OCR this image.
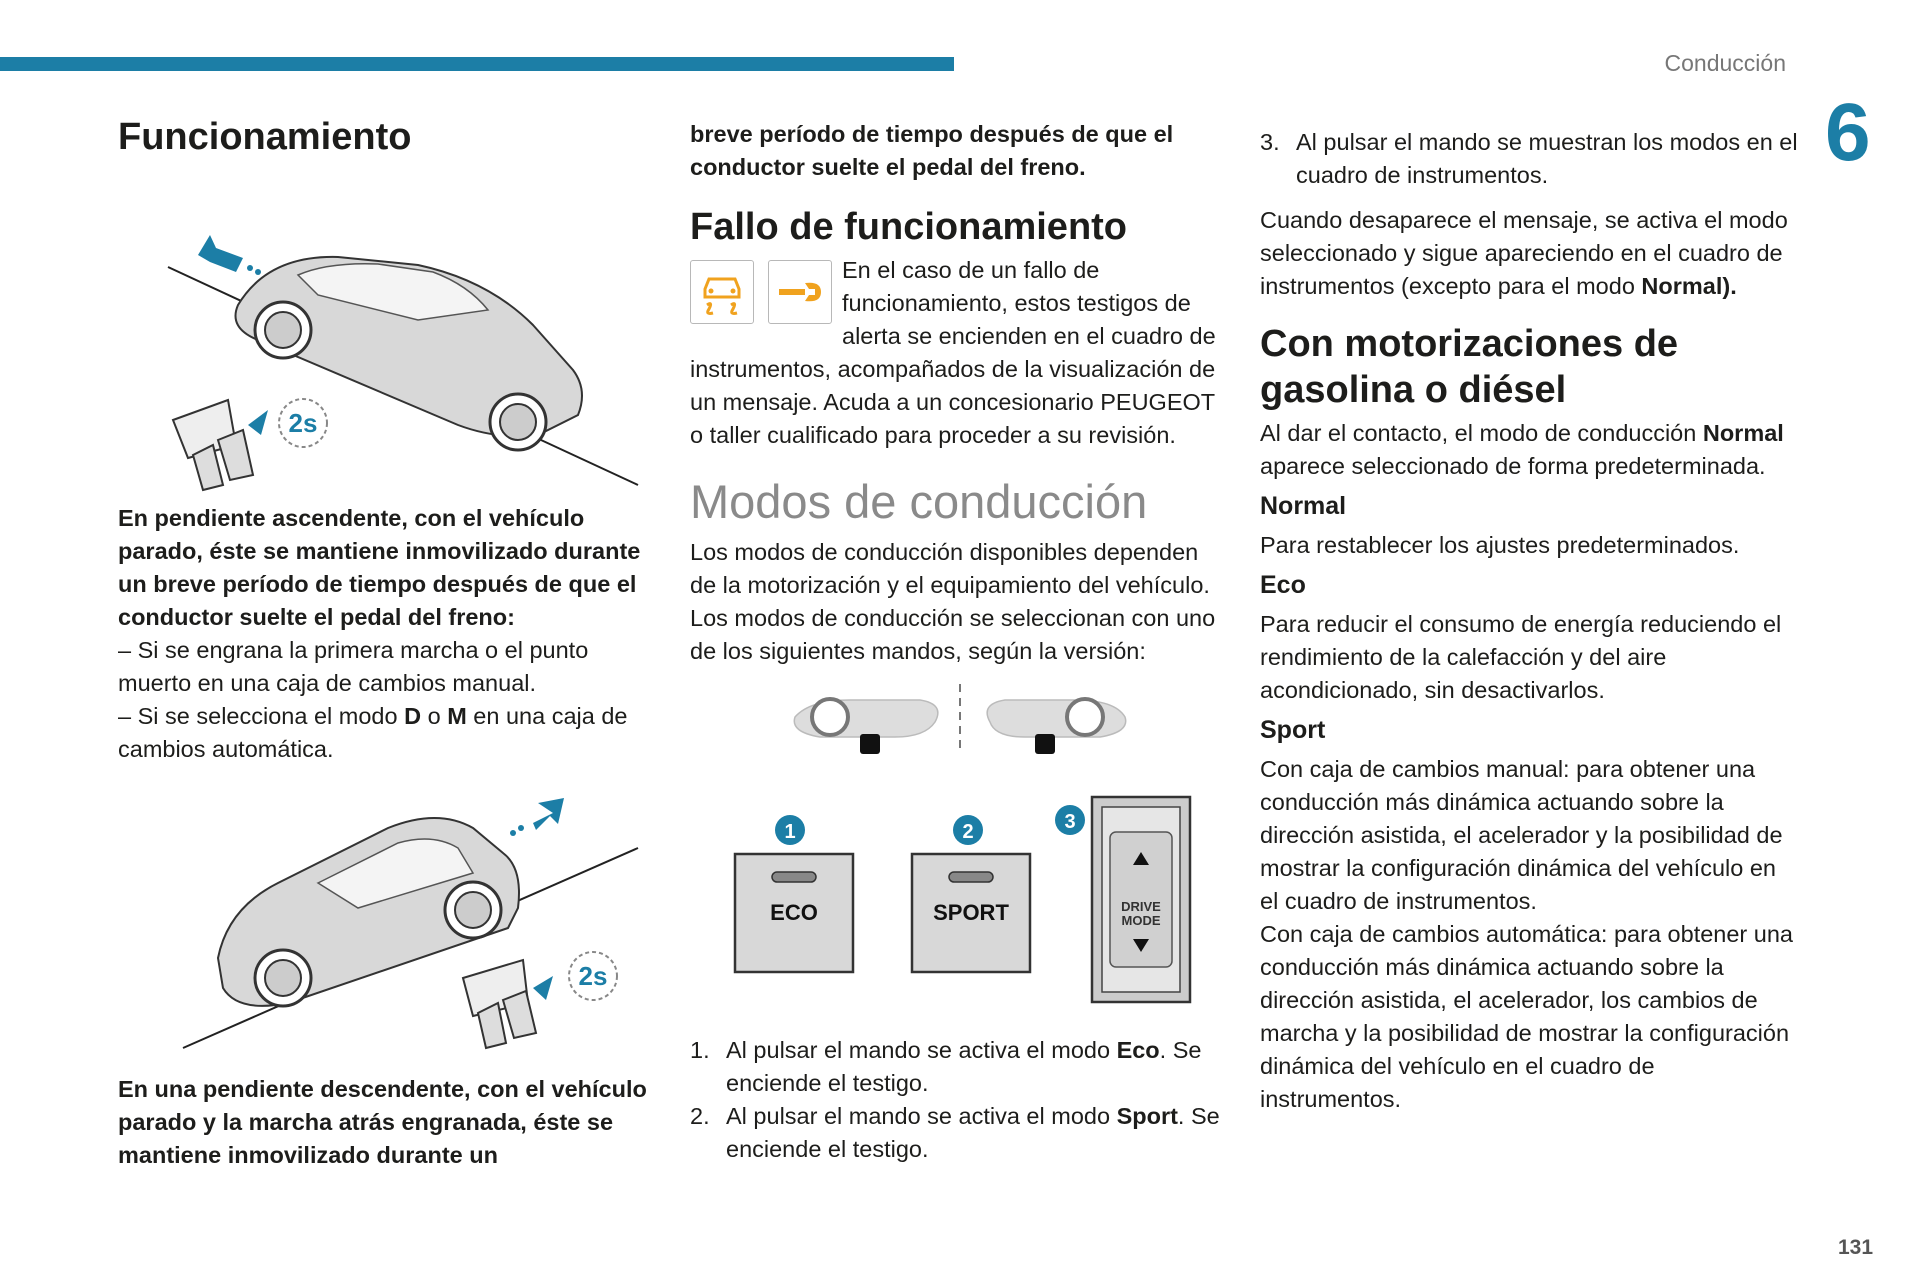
Conducción
6
131
Funcionamiento
2s

En pendiente ascendente, con el vehículo parado, éste se mantiene inmovilizado durante un breve período de tiempo después de que el conductor suelte el pedal del freno:

– Si se engrana la primera marcha o el punto muerto en una caja de cambios manual.

– Si se selecciona el modo D o M en una caja de cambios automática.

2s

En una pendiente descendente, con el vehículo parado y la marcha atrás engranada, éste se mantiene inmovilizado durante un

breve período de tiempo después de que el conductor suelte el pedal del freno.

Fallo de funcionamiento

En el caso de un fallo de funcionamiento, estos testigos de alerta se encienden en el cuadro de instrumentos, acompañados de la visualización de un mensaje. Acuda a un concesionario PEUGEOT o taller cualificado para proceder a su revisión.

Modos de conducción

Los modos de conducción disponibles dependen de la motorización y el equipamiento del vehículo. Los modos de conducción se seleccionan con uno de los siguientes mandos, según la versión:

1	2	3
ECO	SPORT	DRIVE
MODE
1. Al pulsar el mando se activa el modo Eco. Se enciende el testigo.
2. Al pulsar el mando se activa el modo Sport. Se enciende el testigo.
3. Al pulsar el mando se muestran los modos en el cuadro de instrumentos.

Cuando desaparece el mensaje, se activa el modo seleccionado y sigue apareciendo en el cuadro de instrumentos (excepto para el modo Normal).

Con motorizaciones de gasolina o diésel

Al dar el contacto, el modo de conducción Normal aparece seleccionado de forma predeterminada.

Normal

Para restablecer los ajustes predeterminados.

Eco

Para reducir el consumo de energía reduciendo el rendimiento de la calefacción y del aire acondicionado, sin desactivarlos.

Sport

Con caja de cambios manual: para obtener una conducción más dinámica actuando sobre la dirección asistida, el acelerador y la posibilidad de mostrar la configuración dinámica del vehículo en el cuadro de instrumentos.

Con caja de cambios automática: para obtener una conducción más dinámica actuando sobre la dirección asistida, el acelerador, los cambios de marcha y la posibilidad de mostrar la configuración dinámica del vehículo en el cuadro de instrumentos.
